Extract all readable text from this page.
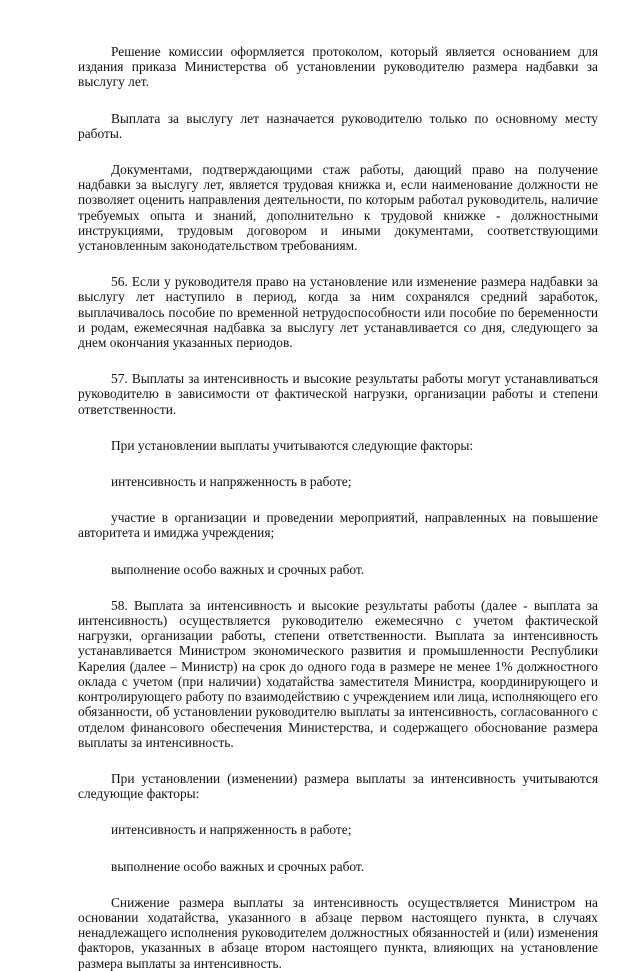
Решение комиссии оформляется протоколом, который является основанием для издания приказа Министерства об установлении руководителю размера надбавки за выслугу лет.

Выплата за выслугу лет назначается руководителю только по основному месту работы.

Документами, подтверждающими стаж работы, дающий право на получение надбавки за выслугу лет, является трудовая книжка и, если наименование должности не позволяет оценить направления деятельности, по которым работал руководитель, наличие требуемых опыта и знаний, дополнительно к трудовой книжке - должностными инструкциями, трудовым договором и иными документами, соответствующими установленным законодательством требованиям.

56. Если у руководителя право на установление или изменение размера надбавки за выслугу лет наступило в период, когда за ним сохранялся средний заработок, выплачивалось пособие по временной нетрудоспособности или пособие по беременности и родам, ежемесячная надбавка за выслугу лет устанавливается со дня, следующего за днем окончания указанных периодов.

57. Выплаты за интенсивность и высокие результаты работы могут устанавливаться руководителю в зависимости от фактической нагрузки, организации работы и степени ответственности.

При установлении выплаты учитываются следующие факторы:

интенсивность и напряженность в работе;

участие в организации и проведении мероприятий, направленных на повышение авторитета и имиджа учреждения;

выполнение особо важных и срочных работ.

58. Выплата за интенсивность и высокие результаты работы (далее - выплата за интенсивность) осуществляется руководителю ежемесячно с учетом фактической нагрузки, организации работы, степени ответственности. Выплата за интенсивность устанавливается Министром экономического развития и промышленности Республики Карелия (далее – Министр) на срок до одного года в размере не менее 1% должностного оклада с учетом (при наличии) ходатайства заместителя Министра, координирующего и контролирующего работу по взаимодействию с учреждением или лица, исполняющего его обязанности, об установлении руководителю выплаты за интенсивность, согласованного с отделом финансового обеспечения Министерства, и содержащего обоснование размера выплаты за интенсивность.

При установлении (изменении) размера выплаты за интенсивность учитываются следующие факторы:

интенсивность и напряженность в работе;

выполнение особо важных и срочных работ.

Снижение размера выплаты за интенсивность осуществляется Министром на основании ходатайства, указанного в абзаце первом настоящего пункта, в случаях ненадлежащего исполнения руководителем должностных обязанностей и (или) изменения факторов, указанных в абзаце втором настоящего пункта, влияющих на установление размера выплаты за интенсивность.
